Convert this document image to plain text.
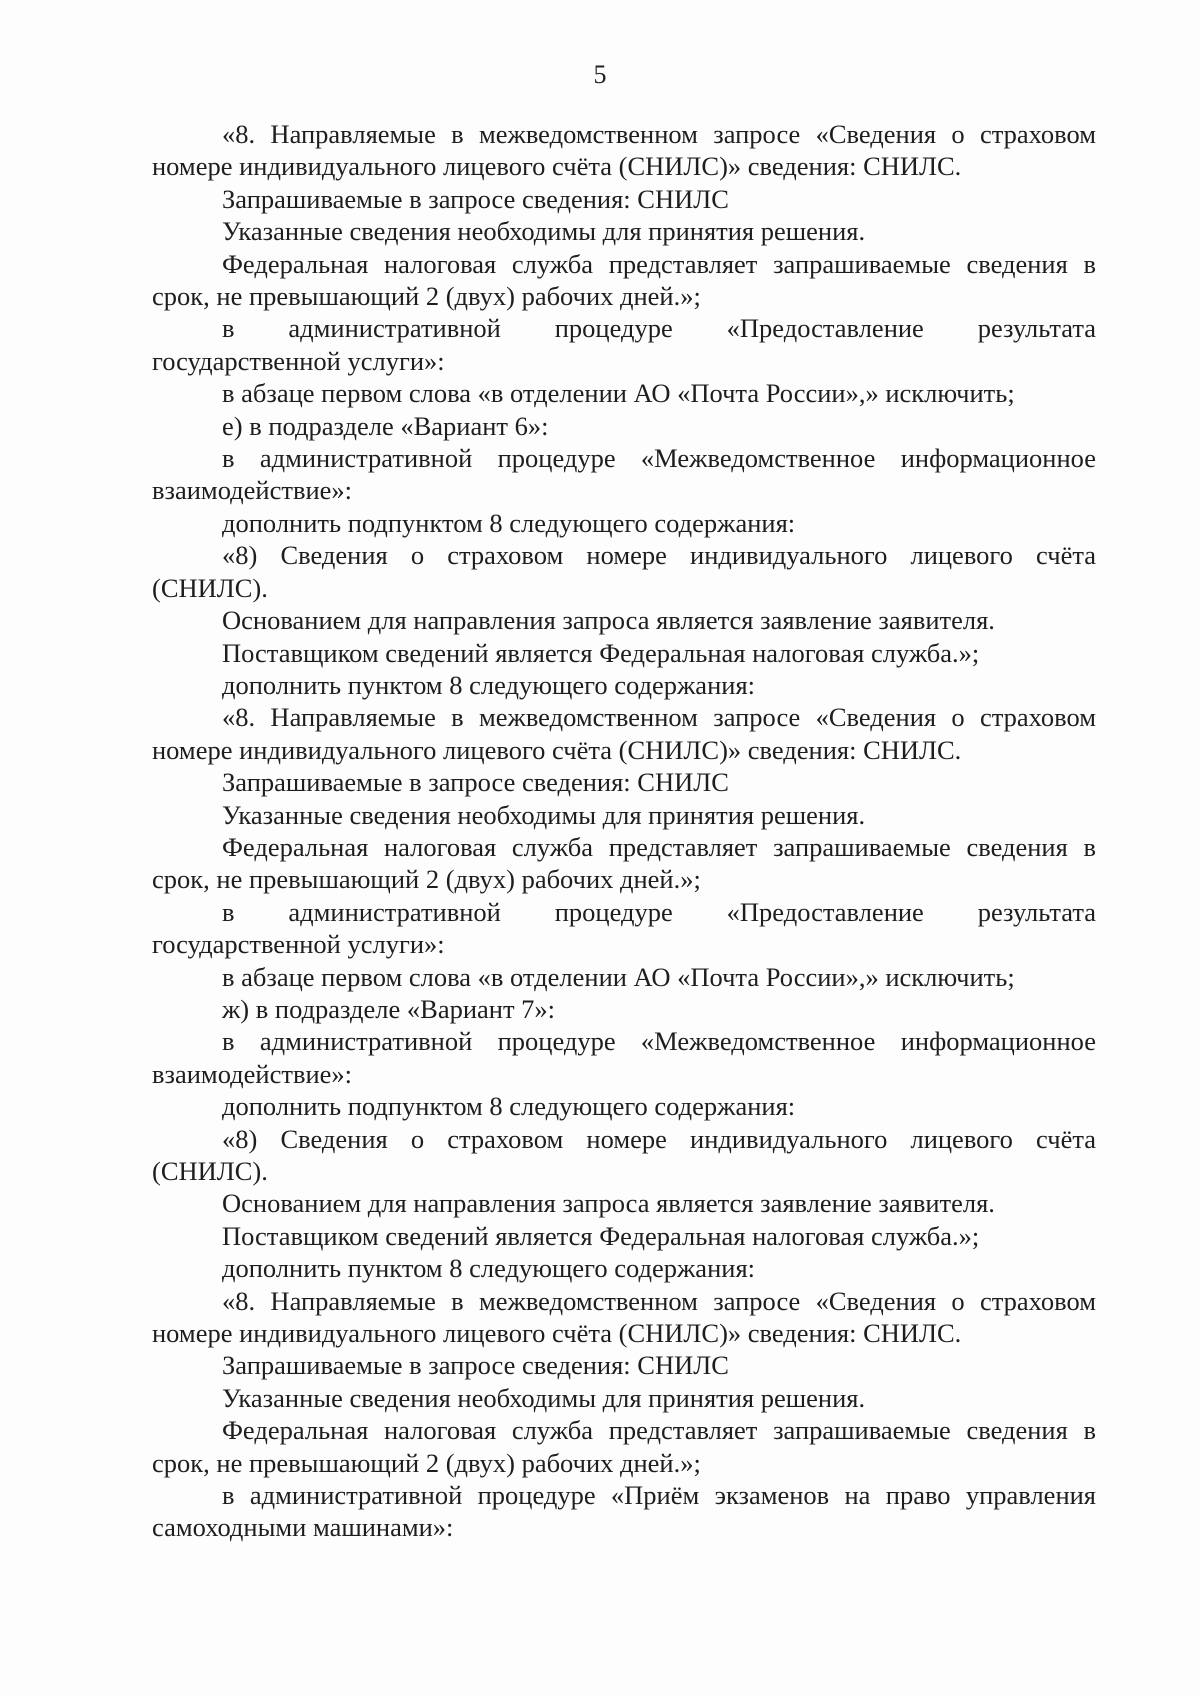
5

«8. Направляемые в межведомственном запросе «Сведения о страховом номере индивидуального лицевого счёта (СНИЛС)» сведения: СНИЛС.

Запрашиваемые в запросе сведения: СНИЛС

Указанные сведения необходимы для принятия решения.

Федеральная налоговая служба представляет запрашиваемые сведения в срок, не превышающий 2 (двух) рабочих дней.»;

в административной процедуре «Предоставление результата государственной услуги»:

в абзаце первом слова «в отделении АО «Почта России»,» исключить;

е) в подразделе «Вариант 6»:

в административной процедуре «Межведомственное информационное взаимодействие»:

дополнить подпунктом 8 следующего содержания:

«8) Сведения о страховом номере индивидуального лицевого счёта (СНИЛС).

Основанием для направления запроса является заявление заявителя.

Поставщиком сведений является Федеральная налоговая служба.»;

дополнить пунктом 8 следующего содержания:

«8. Направляемые в межведомственном запросе «Сведения о страховом номере индивидуального лицевого счёта (СНИЛС)» сведения: СНИЛС.

Запрашиваемые в запросе сведения: СНИЛС

Указанные сведения необходимы для принятия решения.

Федеральная налоговая служба представляет запрашиваемые сведения в срок, не превышающий 2 (двух) рабочих дней.»;

в административной процедуре «Предоставление результата государственной услуги»:

в абзаце первом слова «в отделении АО «Почта России»,» исключить;

ж) в подразделе «Вариант 7»:

в административной процедуре «Межведомственное информационное взаимодействие»:

дополнить подпунктом 8 следующего содержания:

«8) Сведения о страховом номере индивидуального лицевого счёта (СНИЛС).

Основанием для направления запроса является заявление заявителя.

Поставщиком сведений является Федеральная налоговая служба.»;

дополнить пунктом 8 следующего содержания:

«8. Направляемые в межведомственном запросе «Сведения о страховом номере индивидуального лицевого счёта (СНИЛС)» сведения: СНИЛС.

Запрашиваемые в запросе сведения: СНИЛС

Указанные сведения необходимы для принятия решения.

Федеральная налоговая служба представляет запрашиваемые сведения в срок, не превышающий 2 (двух) рабочих дней.»;

в административной процедуре «Приём экзаменов на право управления самоходными машинами»:
